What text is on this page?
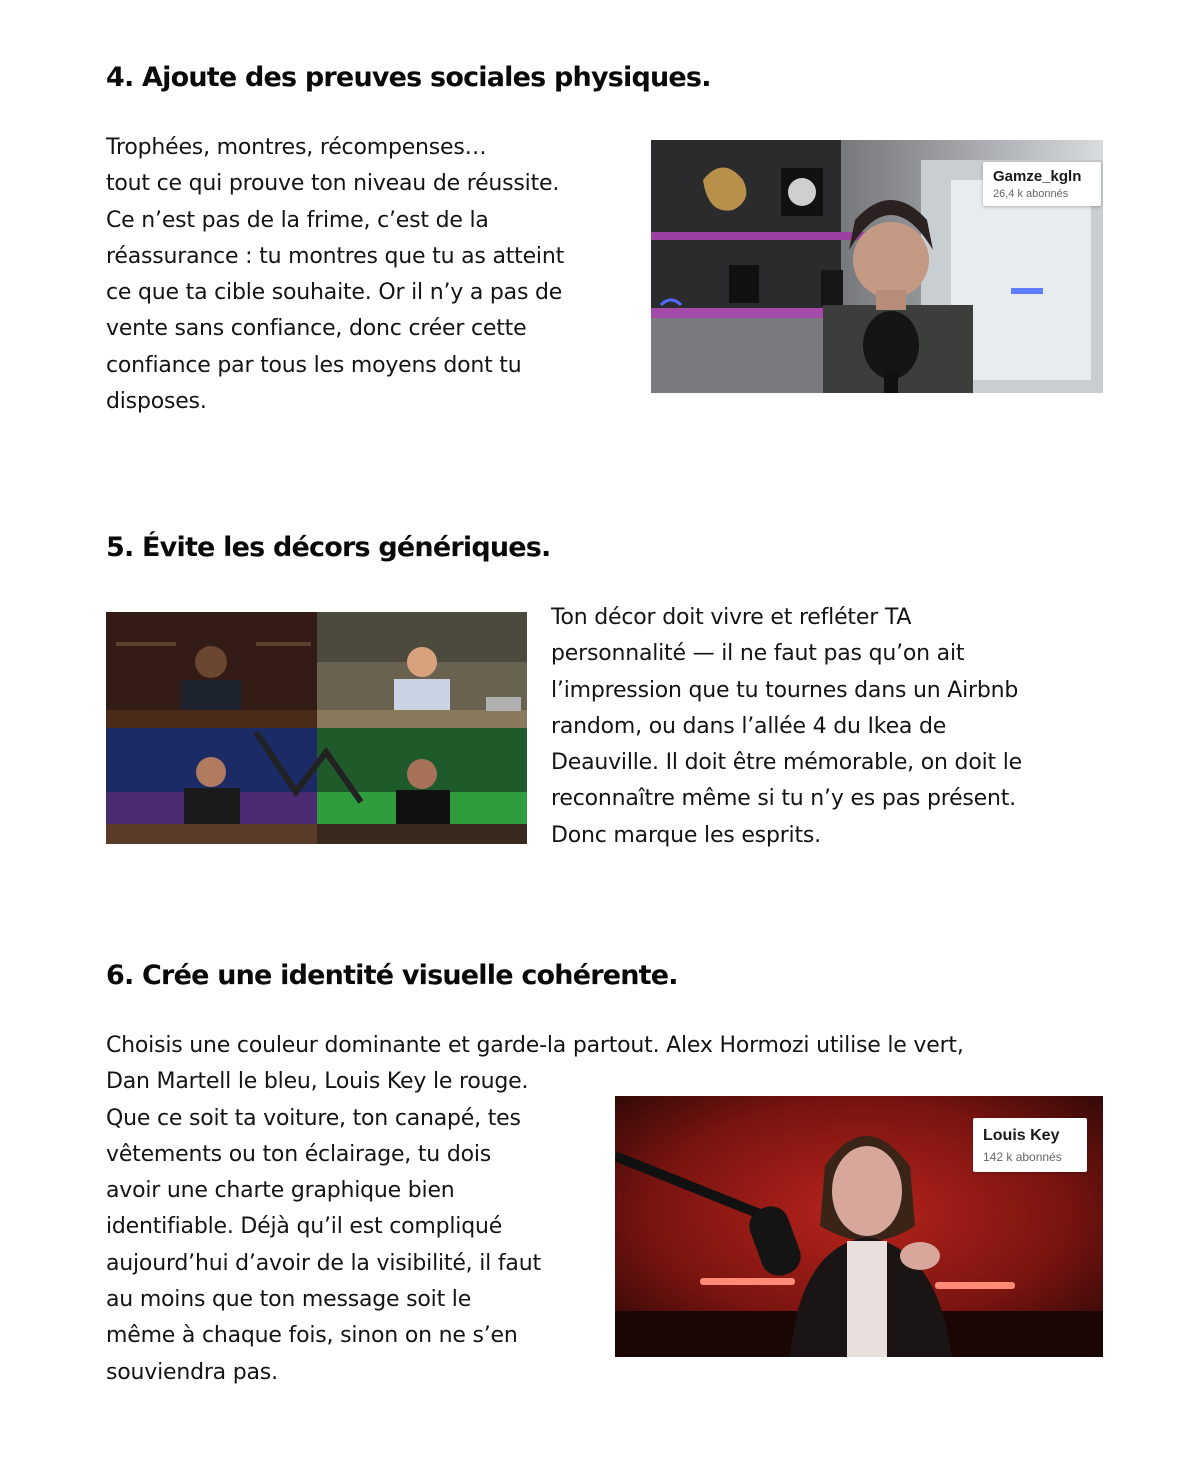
4. Ajoute des preuves sociales physiques.
Trophées, montres, récompenses…
tout ce qui prouve ton niveau de réussite.
Ce n’est pas de la frime, c’est de la
réassurance : tu montres que tu as atteint
ce que ta cible souhaite. Or il n’y a pas de
vente sans confiance, donc créer cette
confiance par tous les moyens dont tu
disposes.
Gamze_kgln
26,4 k abonnés
5. Évite les décors génériques.
Ton décor doit vivre et refléter TA
personnalité — il ne faut pas qu’on ait
l’impression que tu tournes dans un Airbnb
random, ou dans l’allée 4 du Ikea de
Deauville. Il doit être mémorable, on doit le
reconnaître même si tu n’y es pas présent.
Donc marque les esprits.
6. Crée une identité visuelle cohérente.
Choisis une couleur dominante et garde-la partout. Alex Hormozi utilise le vert,
Dan Martell le bleu, Louis Key le rouge.
Que ce soit ta voiture, ton canapé, tes
vêtements ou ton éclairage, tu dois
avoir une charte graphique bien
identifiable. Déjà qu’il est compliqué
aujourd’hui d’avoir de la visibilité, il faut
au moins que ton message soit le
même à chaque fois, sinon on ne s’en
souviendra pas.
Louis Key
142 k abonnés
